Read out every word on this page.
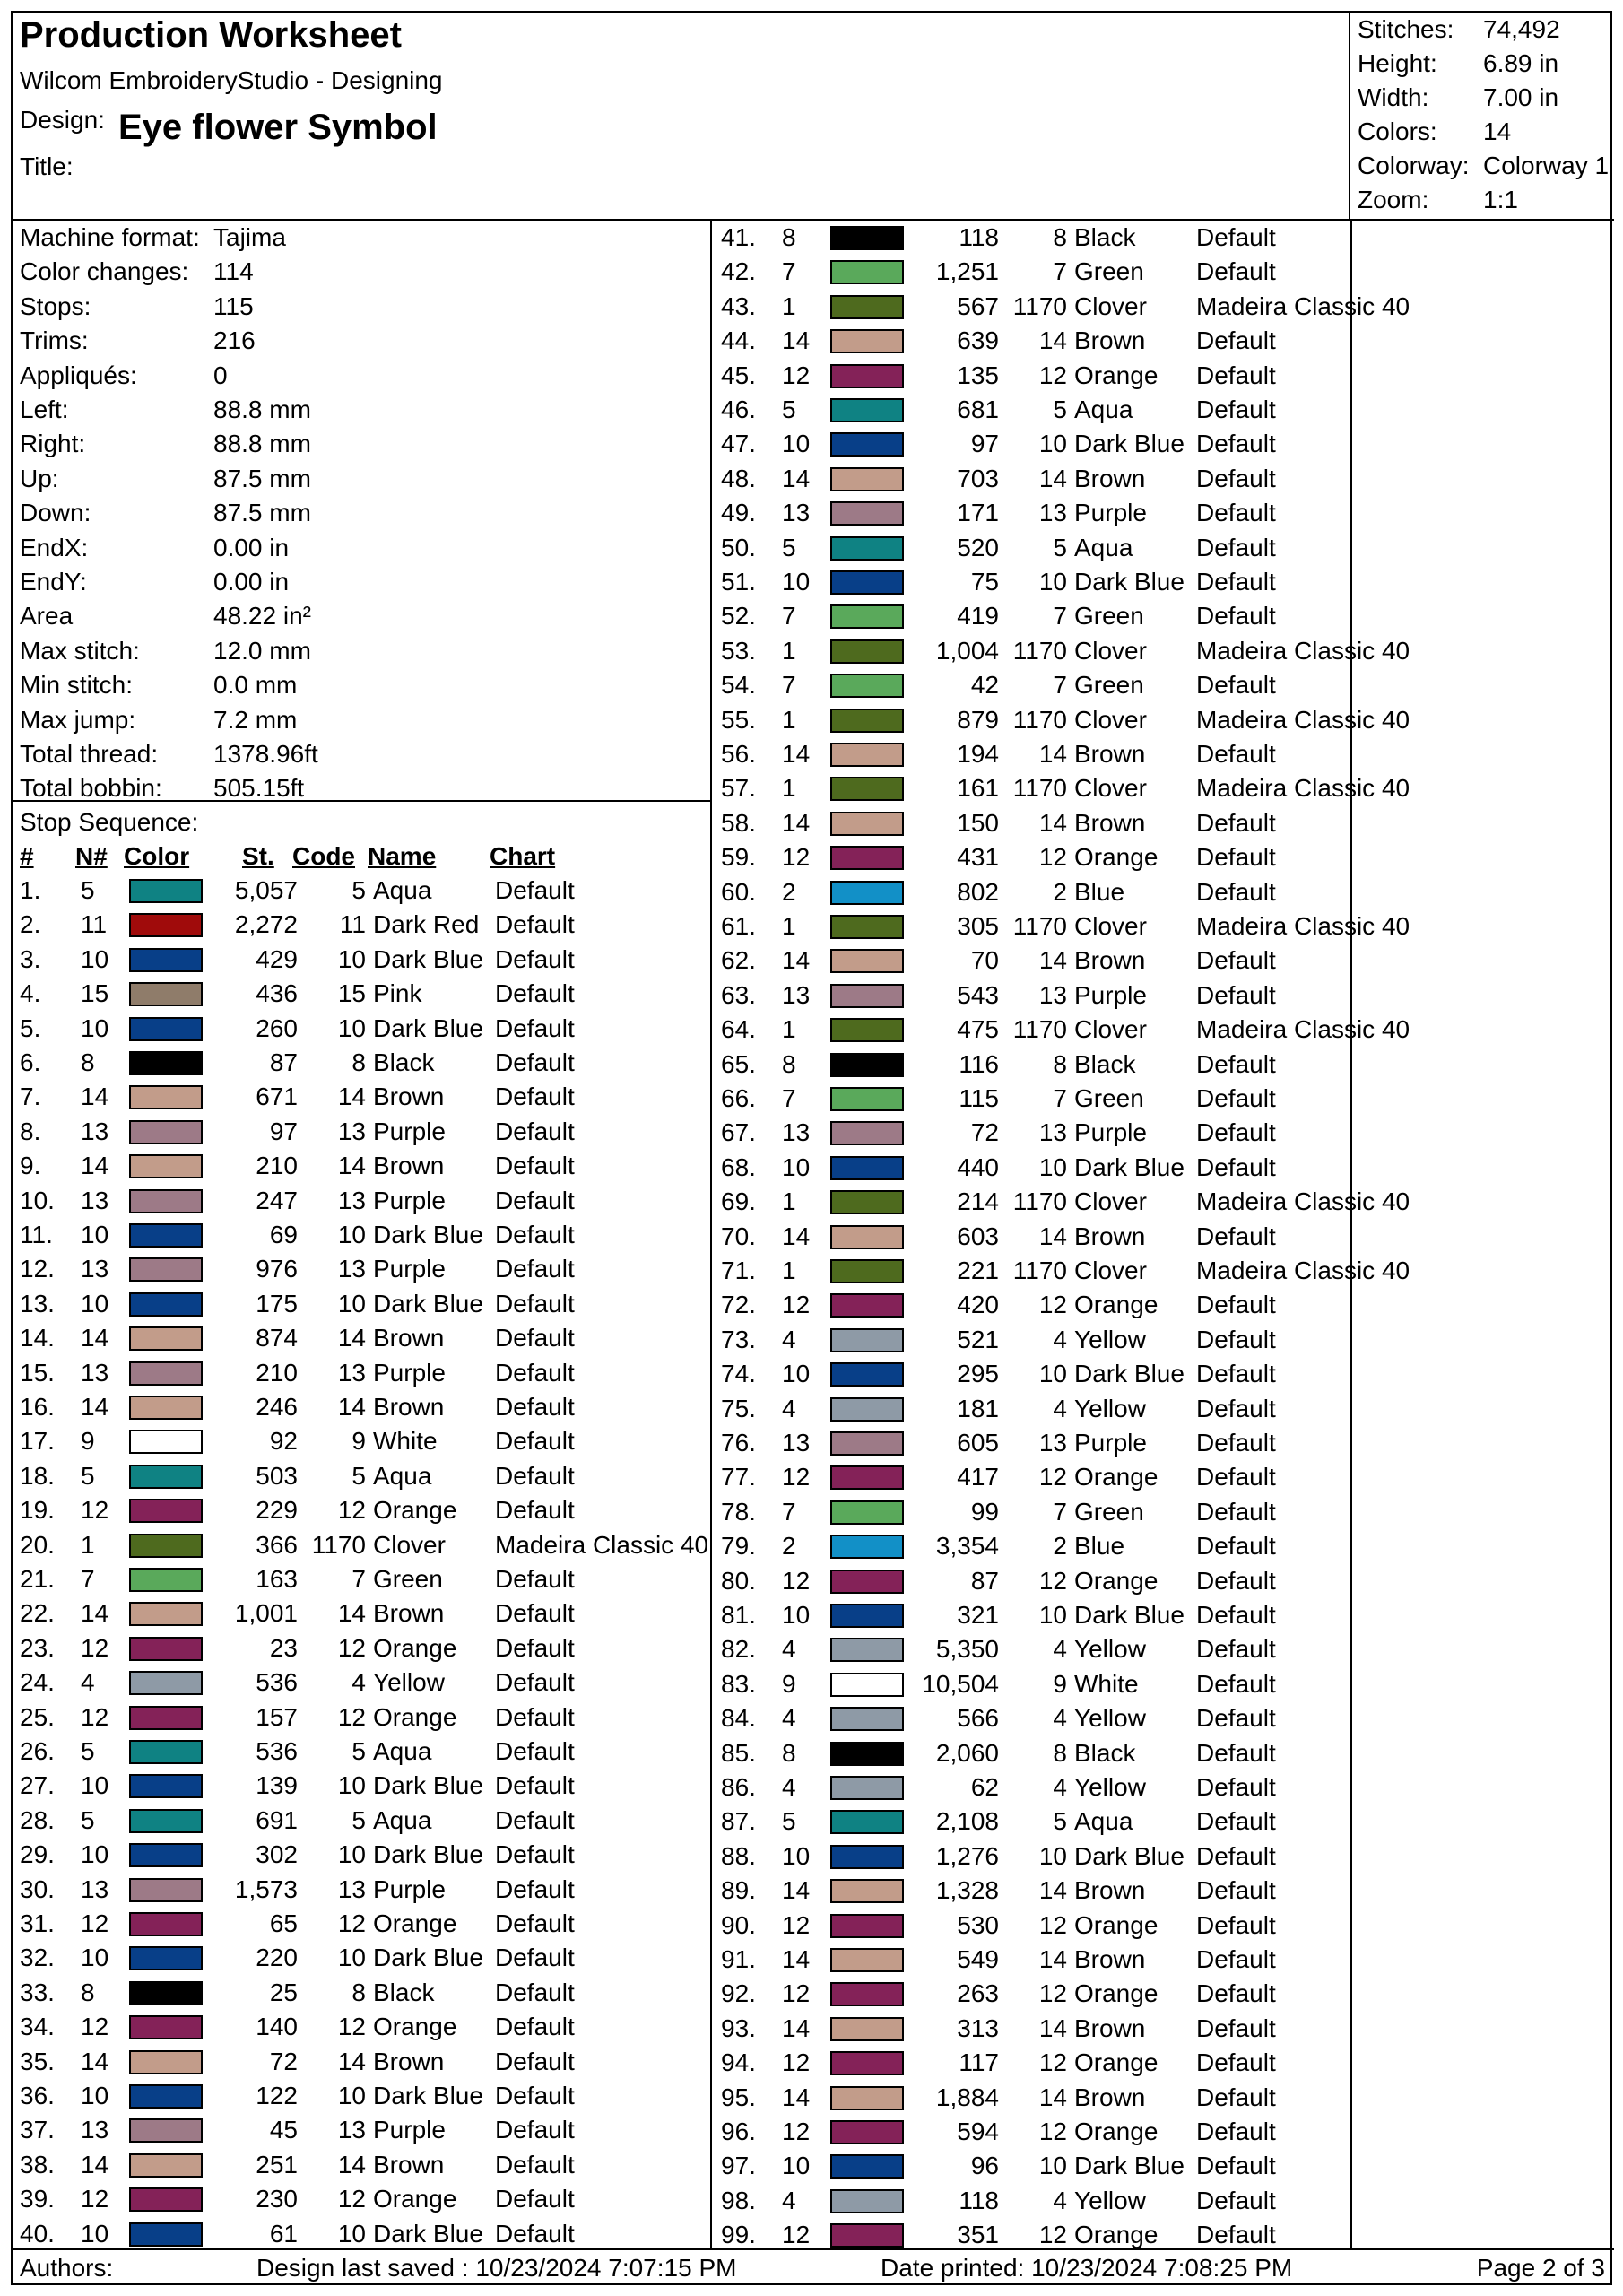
Production Worksheet
Wilcom EmbroideryStudio - Designing
Design: Eye flower Symbol
Title:
Stitches: 74,492
Height: 6.89 in
Width: 7.00 in
Colors: 14
Colorway: Colorway 1
Zoom: 1:1
Machine format: Tajima
Color changes: 114
Stops:	115
Trims:	216
Appliqués:	0
Left:	88.8 mm
Right:	88.8 mm
Up:	87.5 mm
Down:	87.5 mm
EndX:	0.00 in
EndY:	0.00 in
Area	48.22 in²
Max stitch:	12.0 mm
Min stitch:	0.0 mm
Max jump:	7.2 mm
Total thread: 1378.96ft
Total bobbin: 505.15ft
Stop Sequence:
# N# Color St. Code Name Chart
1. 5	5,057 5 Aqua	Default
2. 11	2,272 11 Dark Red Default
3. 10	429 10 Dark Blue Default
4. 15	436 15 Pink	Default
5. 10	260 10 Dark Blue Default
6. 8	87 8 Black Default
7. 14	671 14 Brown Default
8. 13	97 13 Purple Default
9. 14	210 14 Brown Default
10. 13	247 13 Purple Default
11. 10	69 10 Dark Blue Default
12. 13	976 13 Purple Default
13. 10	175 10 Dark Blue Default
14. 14	874 14 Brown Default
15. 13	210 13 Purple Default
16. 14	246 14 Brown Default
17. 9	92 9 White Default
18. 5	503 5 Aqua	Default
19. 12	229 12 Orange Default
20. 1	366 1170 Clover Madeira Classic 40
21. 7	163 7 Green Default
22. 14	1,001 14 Brown Default
23. 12	23 12 Orange Default
24. 4	536 4 Yellow Default
25. 12	157 12 Orange Default
26. 5	536 5 Aqua	Default
27. 10	139 10 Dark Blue Default
28. 5	691 5 Aqua	Default
29. 10	302 10 Dark Blue Default
30. 13	1,573 13 Purple Default
31. 12	65 12 Orange Default
32. 10	220 10 Dark Blue Default
33. 8	25 8 Black Default
34. 12	140 12 Orange Default
35. 14	72 14 Brown Default
36. 10	122 10 Dark Blue Default
37. 13	45 13 Purple Default
38. 14	251 14 Brown Default
39. 12	230 12 Orange Default
40. 10	61 10 Dark Blue Default
41. 8	118 8 Black Default
42. 7	1,251 7 Green Default
43. 1	567 1170 Clover Madeira Classic 40
44. 14	639 14 Brown Default
45. 12	135 12 Orange Default
46. 5	681 5 Aqua	Default
47. 10	97 10 Dark Blue Default
48. 14	703 14 Brown Default
49. 13	171 13 Purple Default
50. 5	520 5 Aqua	Default
51. 10	75 10 Dark Blue Default
52. 7	419 7 Green Default
53. 1	1,004 1170 Clover Madeira Classic 40
54. 7	42 7 Green Default
55. 1	879 1170 Clover Madeira Classic 40
56. 14	194 14 Brown Default
57. 1	161 1170 Clover Madeira Classic 40
58. 14	150 14 Brown Default
59. 12	431 12 Orange Default
60. 2	802 2 Blue	Default
61. 1	305 1170 Clover Madeira Classic 40
62. 14	70 14 Brown Default
63. 13	543 13 Purple Default
64. 1	475 1170 Clover Madeira Classic 40
65. 8	116 8 Black Default
66. 7	115 7 Green Default
67. 13	72 13 Purple Default
68. 10	440 10 Dark Blue Default
69. 1	214 1170 Clover Madeira Classic 40
70. 14	603 14 Brown Default
71. 1	221 1170 Clover Madeira Classic 40
72. 12	420 12 Orange Default
73. 4	521 4 Yellow Default
74. 10	295 10 Dark Blue Default
75. 4	181 4 Yellow Default
76. 13	605 13 Purple Default
77. 12	417 12 Orange Default
78. 7	99 7 Green Default
79. 2	3,354 2 Blue	Default
80. 12	87 12 Orange Default
81. 10	321 10 Dark Blue Default
82. 4	5,350 4 Yellow Default
83. 9	10,504 9 White Default
84. 4	566 4 Yellow Default
85. 8	2,060 8 Black Default
86. 4	62 4 Yellow Default
87. 5	2,108 5 Aqua	Default
88. 10	1,276 10 Dark Blue Default
89. 14	1,328 14 Brown Default
90. 12	530 12 Orange Default
91. 14	549 14 Brown Default
92. 12	263 12 Orange Default
93. 14	313 14 Brown Default
94. 12	117 12 Orange Default
95. 14	1,884 14 Brown Default
96. 12	594 12 Orange Default
97. 10	96 10 Dark Blue Default
98. 4	118 4 Yellow Default
99. 12	351 12 Orange Default
Authors:	Design last saved : 10/23/2024 7:07:15 PM	Date printed: 10/23/2024 7:08:25 PM	Page 2 of 3
